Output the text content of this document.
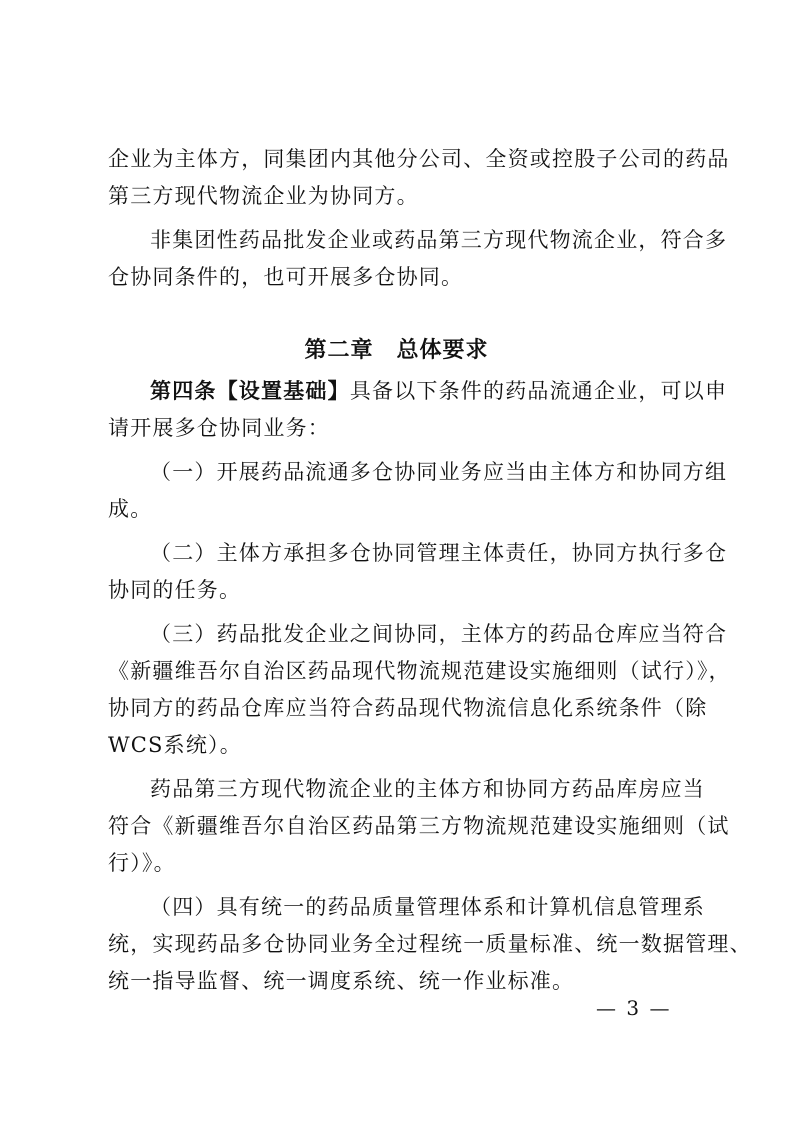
企业为主体方，同集团内其他分公司、全资或控股子公司的药品

第三方现代物流企业为协同方。

非集团性药品批发企业或药品第三方现代物流企业，符合多

仓协同条件的，也可开展多仓协同。

第二章　总体要求

第四条【设置基础】具备以下条件的药品流通企业，可以申

请开展多仓协同业务：

（一）开展药品流通多仓协同业务应当由主体方和协同方组

成。

（二）主体方承担多仓协同管理主体责任，协同方执行多仓

协同的任务。

（三）药品批发企业之间协同，主体方的药品仓库应当符合

《新疆维吾尔自治区药品现代物流规范建设实施细则（试行）》，

协同方的药品仓库应当符合药品现代物流信息化系统条件（除

WCS系统）。

药品第三方现代物流企业的主体方和协同方药品库房应当

符合《新疆维吾尔自治区药品第三方物流规范建设实施细则（试

行）》。

（四）具有统一的药品质量管理体系和计算机信息管理系

统，实现药品多仓协同业务全过程统一质量标准、统一数据管理、

统一指导监督、统一调度系统、统一作业标准。

— 3 —
